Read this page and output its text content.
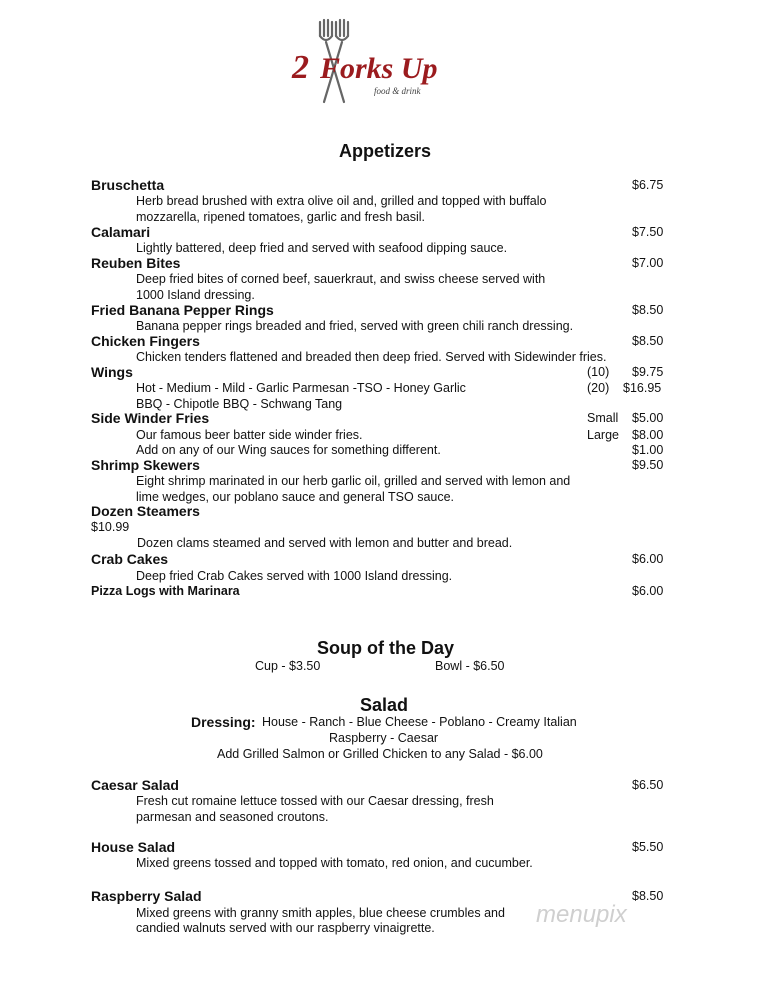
2 Forks Up
food & drink
Appetizers
Bruschetta	$6.75
Herb bread brushed with extra olive oil and, grilled and topped with buffalo
mozzarella, ripened tomatoes, garlic and fresh basil.
Calamari	$7.50
Lightly battered, deep fried and served with seafood dipping sauce.
Reuben Bites	$7.00
Deep fried bites of corned beef, sauerkraut, and swiss cheese served with
1000 Island dressing.
Fried Banana Pepper Rings	$8.50
Banana pepper rings breaded and fried, served with green chili ranch dressing.
Chicken Fingers	$8.50
Chicken tenders flattened and breaded then deep fried. Served with Sidewinder fries.
Wings	(10) $9.75
Hot - Medium - Mild - Garlic Parmesan -TSO - Honey Garlic	(20) $16.95
BBQ - Chipotle BBQ - Schwang Tang
Side Winder Fries	Small $5.00
Our famous beer batter side winder fries.	Large $8.00
Add on any of our Wing sauces for something different.	$1.00
Shrimp Skewers	$9.50
Eight shrimp marinated in our herb garlic oil, grilled and served with lemon and
lime wedges, our poblano sauce and general TSO sauce.
Dozen Steamers
$10.99
Dozen clams steamed and served with lemon and butter and bread.
Crab Cakes	$6.00
Deep fried Crab Cakes served with 1000 Island dressing.
Pizza Logs with Marinara	$6.00
Soup of the Day
Cup - $3.50	Bowl - $6.50
Salad
Dressing: House - Ranch - Blue Cheese - Poblano - Creamy Italian
Raspberry - Caesar
Add Grilled Salmon or Grilled Chicken to any Salad - $6.00
Caesar Salad	$6.50
Fresh cut romaine lettuce tossed with our Caesar dressing, fresh
parmesan and seasoned croutons.
House Salad	$5.50
Mixed greens tossed and topped with tomato, red onion, and cucumber.
Raspberry Salad	$8.50
Mixed greens with granny smith apples, blue cheese crumbles and
candied walnuts served with our raspberry vinaigrette.	menupix
